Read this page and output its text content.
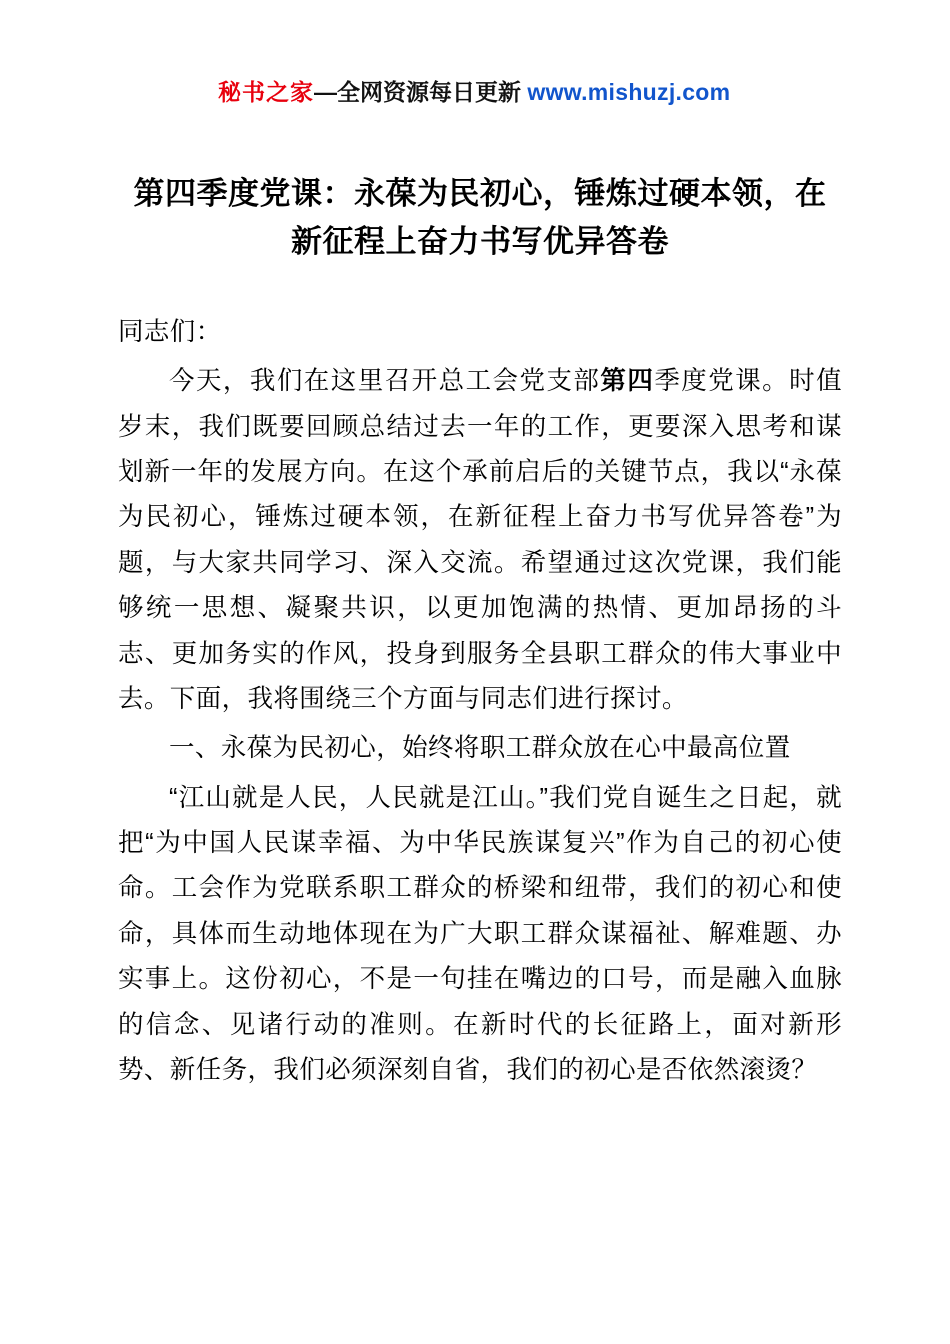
秘书之家—全网资源每日更新 www.mishuzj.com
第四季度党课：永葆为民初心，锤炼过硬本领，在新征程上奋力书写优异答卷

同志们：

今天，我们在这里召开总工会党支部第四季度党课。时值岁末，我们既要回顾总结过去一年的工作，更要深入思考和谋划新一年的发展方向。在这个承前启后的关键节点，我以“永葆为民初心，锤炼过硬本领，在新征程上奋力书写优异答卷”为题，与大家共同学习、深入交流。希望通过这次党课，我们能够统一思想、凝聚共识，以更加饱满的热情、更加昂扬的斗志、更加务实的作风，投身到服务全县职工群众的伟大事业中去。下面，我将围绕三个方面与同志们进行探讨。

一、永葆为民初心，始终将职工群众放在心中最高位置

“江山就是人民，人民就是江山。”我们党自诞生之日起，就把“为中国人民谋幸福、为中华民族谋复兴”作为自己的初心使命。工会作为党联系职工群众的桥梁和纽带，我们的初心和使命，具体而生动地体现在为广大职工群众谋福祉、解难题、办实事上。这份初心，不是一句挂在嘴边的口号，而是融入血脉的信念、见诸行动的准则。在新时代的长征路上，面对新形势、新任务，我们必须深刻自省，我们的初心是否依然滚烫？
